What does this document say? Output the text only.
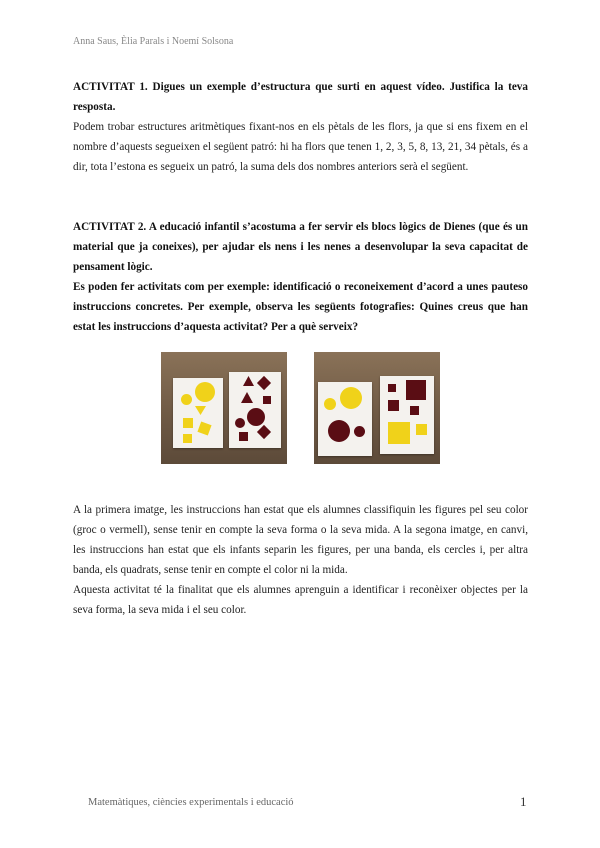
Anna Saus, Èlia Parals i Noemí Solsona

ACTIVITAT 1. Digues un exemple d’estructura que surti en aquest vídeo. Justifica la teva resposta.

Podem trobar estructures aritmètiques fixant-nos en els pètals de les flors, ja que si ens fixem en el nombre d’aquests segueixen el següent patró: hi ha flors que tenen 1, 2, 3, 5, 8, 13, 21, 34 pètals, és a dir, tota l’estona es segueix un patró, la suma dels dos nombres anteriors serà el següent.

ACTIVITAT 2. A educació infantil s’acostuma a fer servir els blocs lògics de Dienes (que és un material que ja coneixes), per ajudar els nens i les nenes a desenvolupar la seva capacitat de pensament lògic.

Es poden fer activitats com per exemple: identificació o reconeixement d’acord a unes pauteso instruccions concretes. Per exemple, observa les següents fotografies: Quines creus que han estat les instruccions d’aquesta activitat? Per a què serveix?

A la primera imatge, les instruccions han estat que els alumnes classifiquin les figures pel seu color (groc o vermell), sense tenir en compte la seva forma o la seva mida. A la segona imatge, en canvi, les instruccions han estat que els infants separin les figures, per una banda, els cercles i, per altra banda, els quadrats, sense tenir en compte el color ni la mida.

Aquesta activitat té la finalitat que els alumnes aprenguin a identificar i reconèixer objectes per la seva forma, la seva mida i el seu color.

Matemàtiques, ciències experimentals i educació	1
